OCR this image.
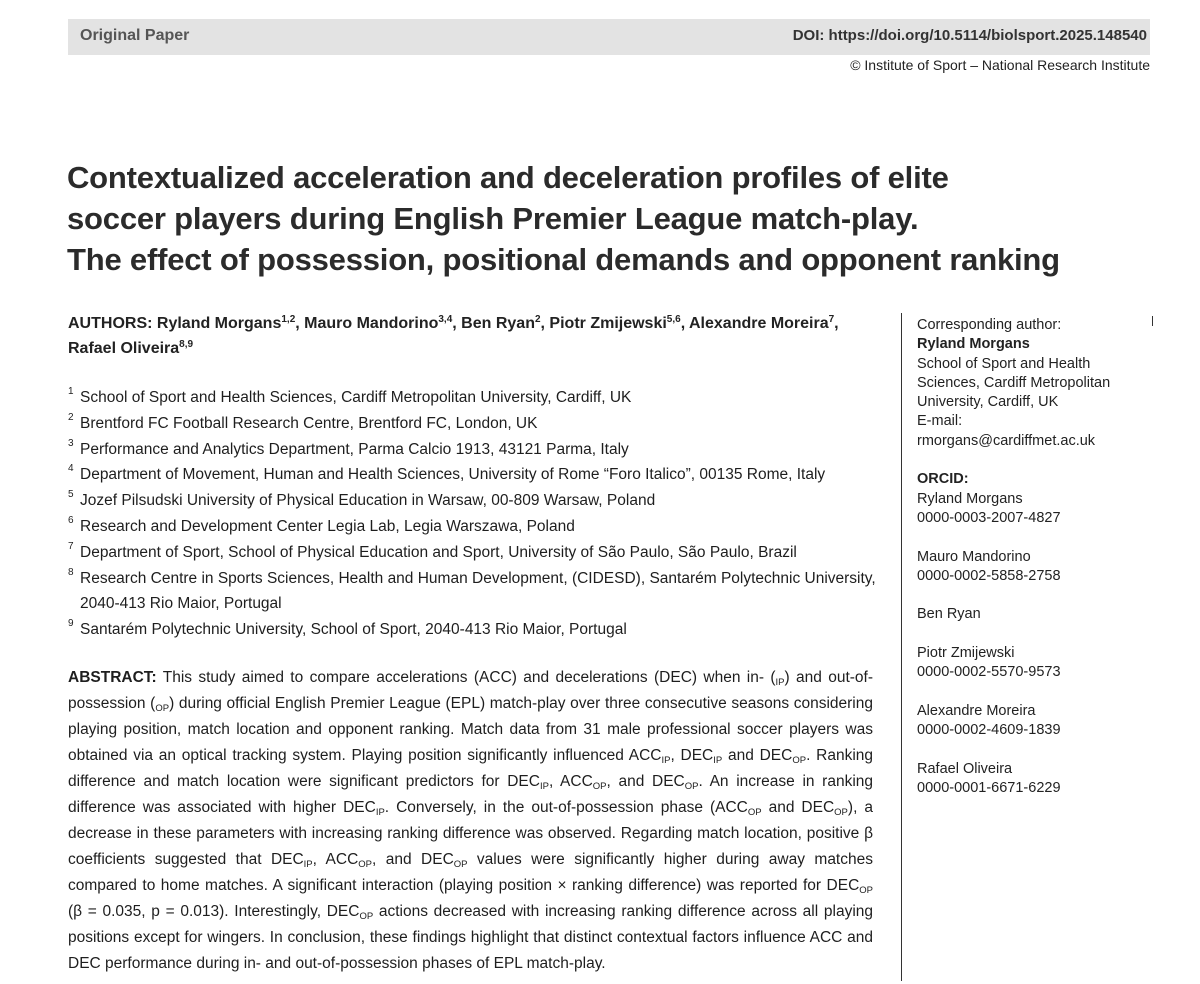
Original Paper	DOI: https://doi.org/10.5114/biolsport.2025.148540
© Institute of Sport – National Research Institute
Contextualized acceleration and deceleration profiles of elite
soccer players during English Premier League match-play.
The effect of possession, positional demands and opponent ranking
AUTHORS: Ryland Morgans$^{1,2}$, Mauro Mandorino$^{3,4}$, Ben Ryan$^2$, Piotr Zmijewski$^{5,6}$, Alexandre Moreira$^7$, Rafael Oliveira$^{8,9}$
1 School of Sport and Health Sciences, Cardiff Metropolitan University, Cardiff, UK
2 Brentford FC Football Research Centre, Brentford FC, London, UK
3 Performance and Analytics Department, Parma Calcio 1913, 43121 Parma, Italy
4 Department of Movement, Human and Health Sciences, University of Rome “Foro Italico”, 00135 Rome, Italy
5 Jozef Pilsudski University of Physical Education in Warsaw, 00-809 Warsaw, Poland
6 Research and Development Center Legia Lab, Legia Warszawa, Poland
7 Department of Sport, School of Physical Education and Sport, University of São Paulo, São Paulo, Brazil
8 Research Centre in Sports Sciences, Health and Human Development, (CIDESD), Santarém Polytechnic University, 2040-413 Rio Maior, Portugal
9 Santarém Polytechnic University, School of Sport, 2040-413 Rio Maior, Portugal
ABSTRACT: This study aimed to compare accelerations (ACC) and decelerations (DEC) when in- $(_{IP})$ and out-of-possession $(_{OP})$ during official English Premier League (EPL) match-play over three consecutive seasons considering playing position, match location and opponent ranking. Match data from 31 male professional soccer players was obtained via an optical tracking system. Playing position significantly influenced $ACC_{IP}$, $DEC_{IP}$ and $DEC_{OP}$. Ranking difference and match location were significant predictors for $DEC_{IP}$, $ACC_{OP}$, and $DEC_{OP}$. An increase in ranking difference was associated with higher $DEC_{IP}$. Conversely, in the out-of-possession phase ($ACC_{OP}$ and $DEC_{OP}$), a decrease in these parameters with increasing ranking difference was observed. Regarding match location, positive β coefficients suggested that $DEC_{IP}$, $ACC_{OP}$, and $DEC_{OP}$ values were significantly higher during away matches compared to home matches. A significant interaction (playing position × ranking difference) was reported for $DEC_{OP}$ (β = 0.035, p = 0.013). Interestingly, $DEC_{OP}$ actions decreased with increasing ranking difference across all playing positions except for wingers. In conclusion, these findings highlight that distinct contextual factors influence ACC and DEC performance during in- and out-of-possession phases of EPL match-play.
Corresponding author:
Ryland Morgans
School of Sport and Health
Sciences, Cardiff Metropolitan
University, Cardiff, UK
E-mail:
rmorgans@cardiffmet.ac.uk
ORCID:
Ryland Morgans
0000-0003-2007-4827
Mauro Mandorino
0000-0002-5858-2758
Ben Ryan
Piotr Zmijewski
0000-0002-5570-9573
Alexandre Moreira
0000-0002-4609-1839
Rafael Oliveira
0000-0001-6671-6229
